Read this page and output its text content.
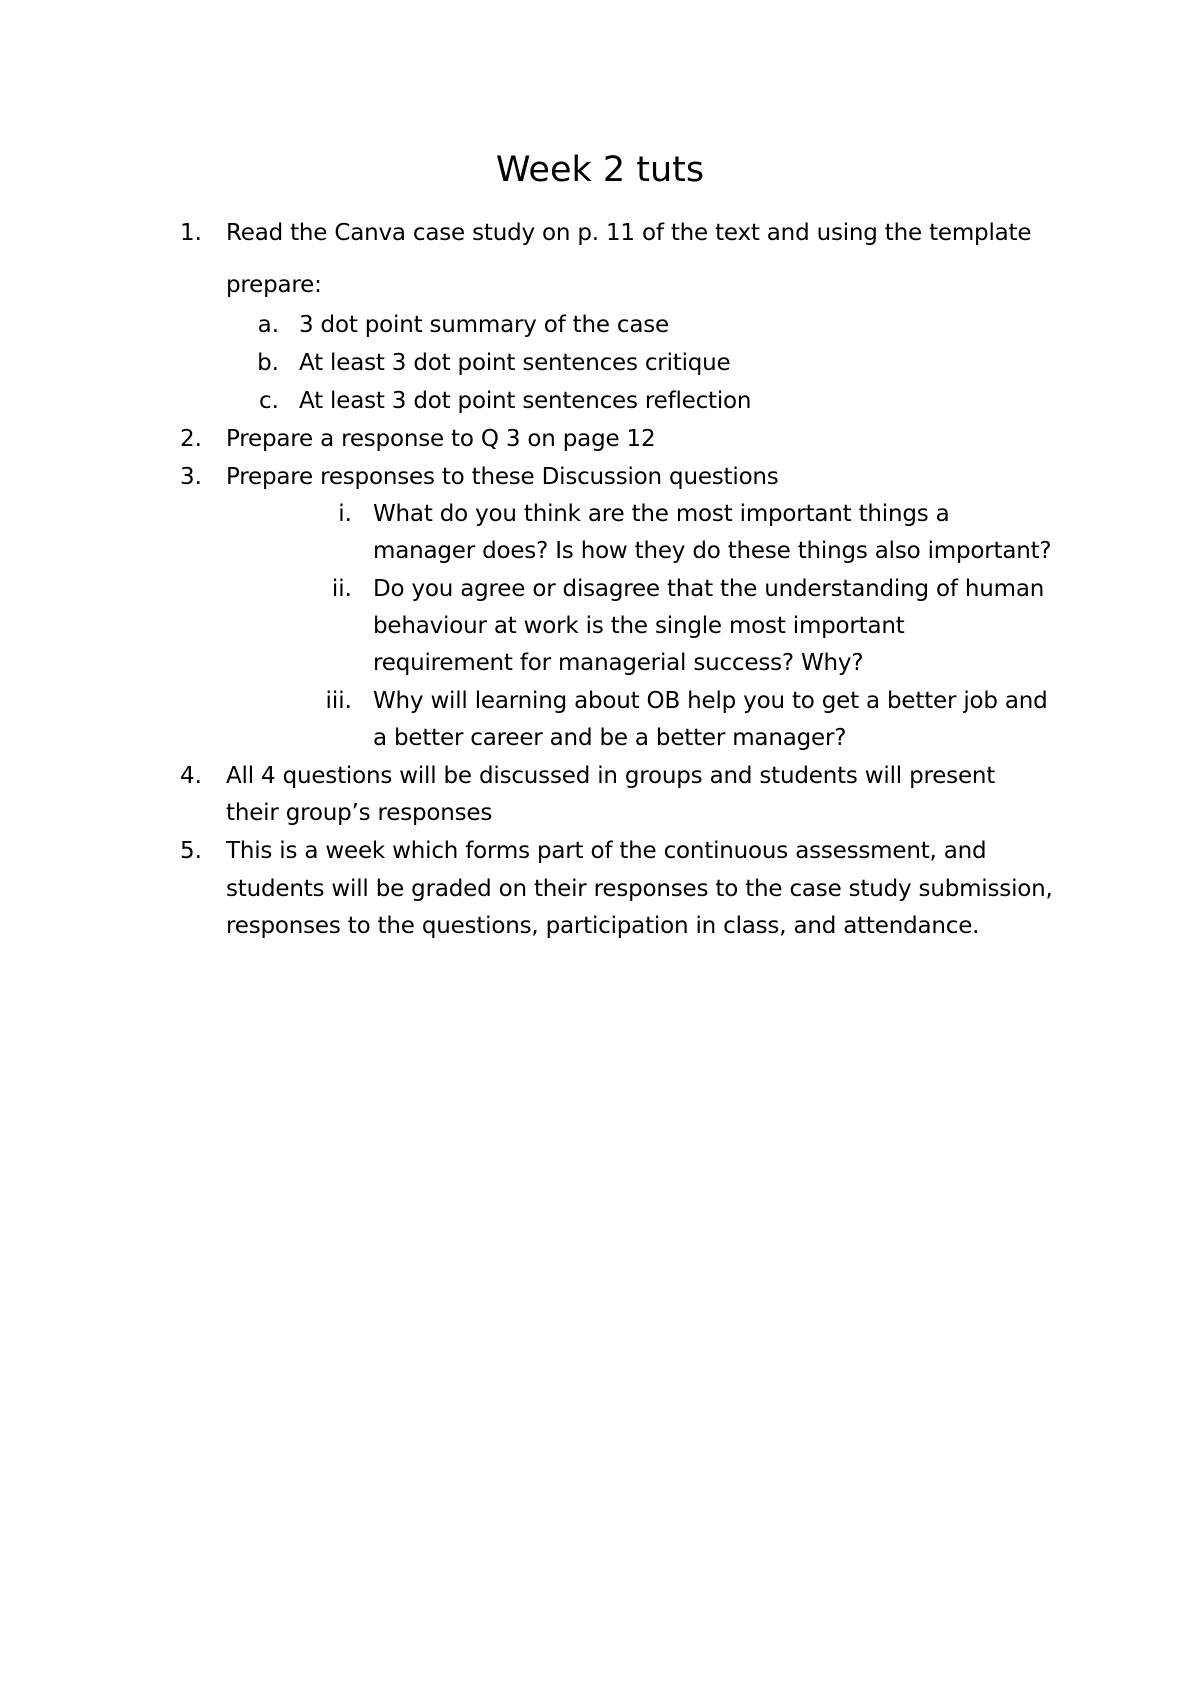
Week 2 tuts
1. Read the Canva case study on p. 11 of the text and using the template
prepare:
a. 3 dot point summary of the case
b. At least 3 dot point sentences critique
c. At least 3 dot point sentences reflection
2. Prepare a response to Q 3 on page 12
3. Prepare responses to these Discussion questions
i. What do you think are the most important things a
manager does? Is how they do these things also important?
ii. Do you agree or disagree that the understanding of human
behaviour at work is the single most important
requirement for managerial success? Why?
iii. Why will learning about OB help you to get a better job and
a better career and be a better manager?
4. All 4 questions will be discussed in groups and students will present
their group’s responses
5. This is a week which forms part of the continuous assessment, and
students will be graded on their responses to the case study submission,
responses to the questions, participation in class, and attendance.
